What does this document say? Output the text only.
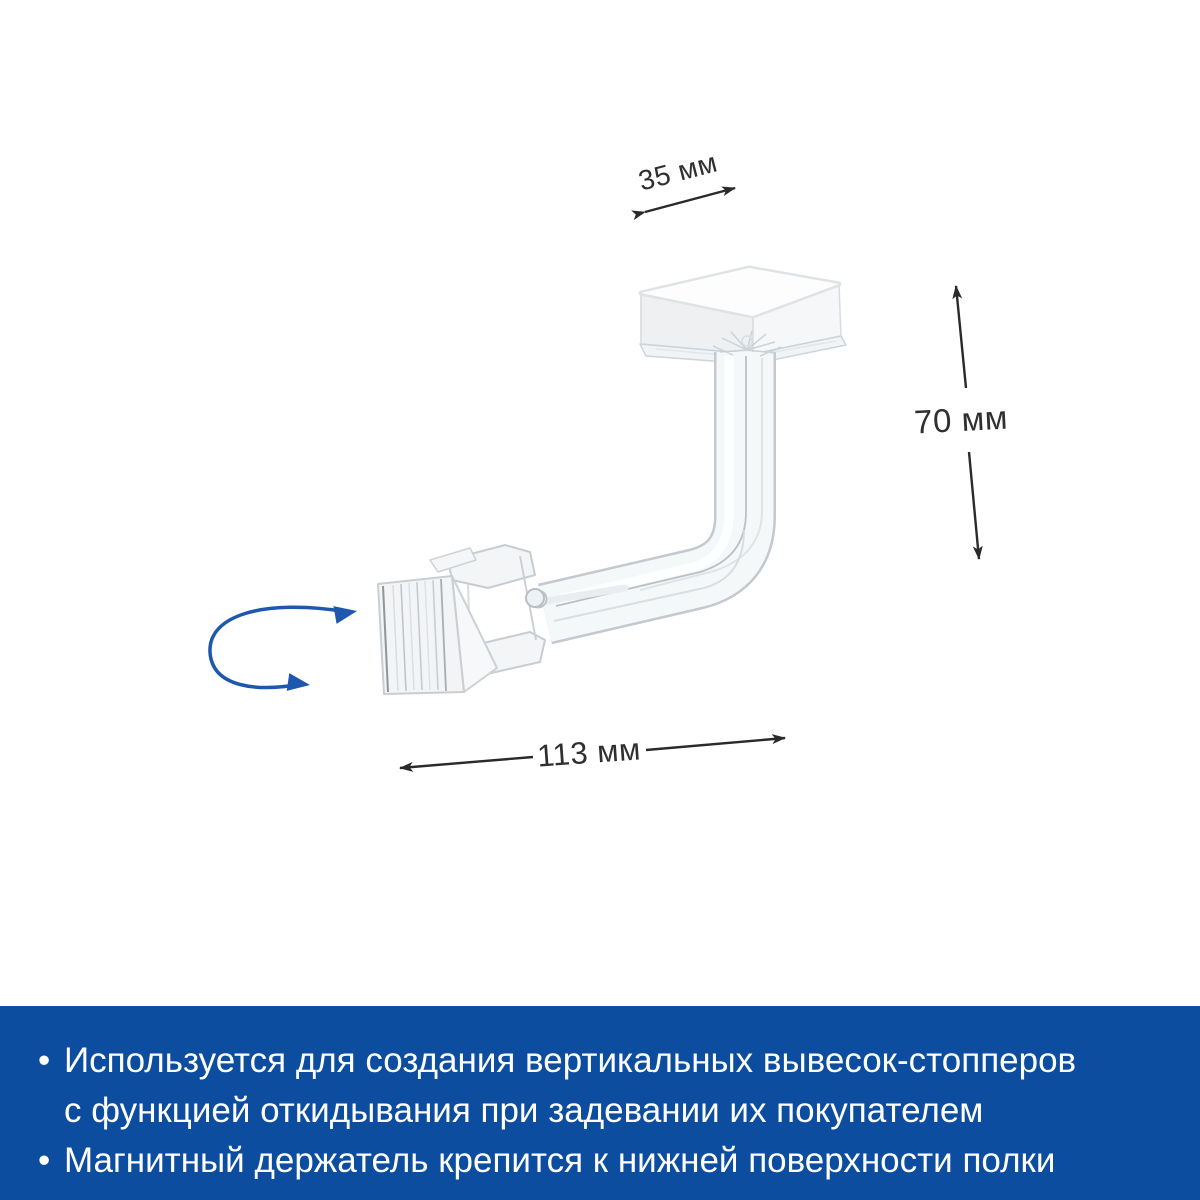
35 мм
70 мм
113 мм
• Используется для создания вертикальных вывесок-стопперов
с функцией откидывания при задевании их покупателем
• Магнитный держатель крепится к нижней поверхности полки
